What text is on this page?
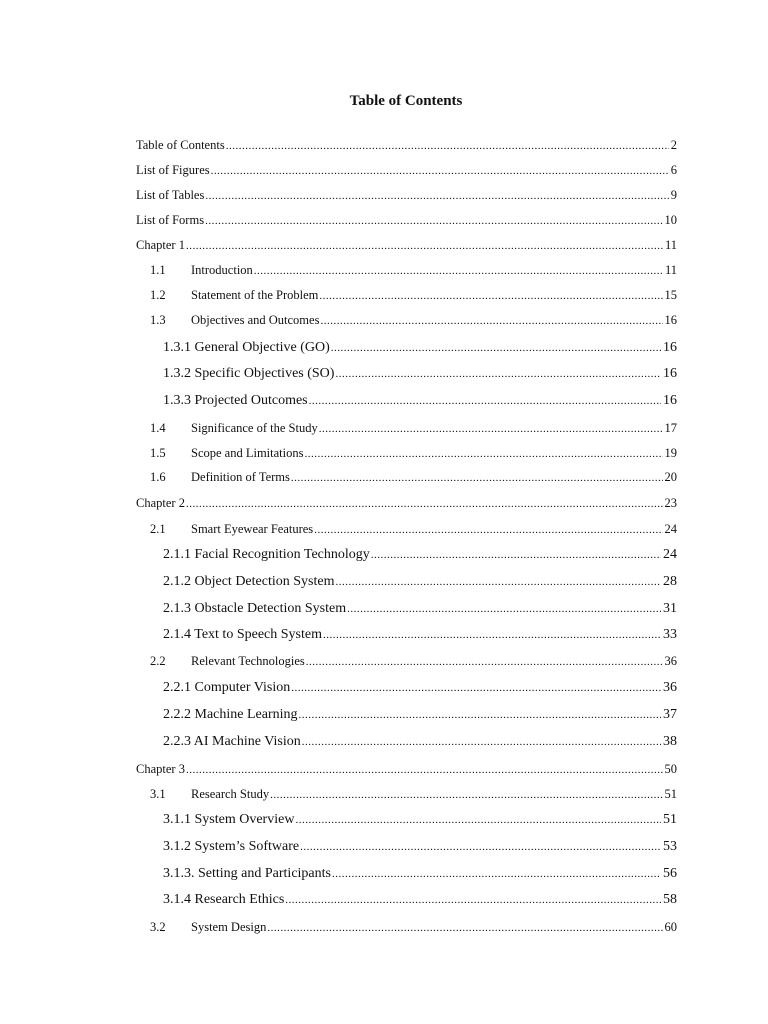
Table of Contents
Table of Contents .....	2
List of Figures .....	6
List of Tables .....	9
List of Forms .....	10
Chapter 1 .....	11
1.1	Introduction .....	11
1.2	Statement of the Problem .....	15
1.3	Objectives and Outcomes .....	16
1.3.1 General Objective (GO) .....	16
1.3.2 Specific Objectives (SO) .....	16
1.3.3 Projected Outcomes .....	16
1.4	Significance of the Study .....	17
1.5	Scope and Limitations .....	19
1.6	Definition of Terms .....	20
Chapter 2 .....	23
2.1	Smart Eyewear Features .....	24
2.1.1 Facial Recognition Technology .....	24
2.1.2 Object Detection System .....	28
2.1.3 Obstacle Detection System .....	31
2.1.4 Text to Speech System .....	33
2.2	Relevant Technologies .....	36
2.2.1 Computer Vision .....	36
2.2.2 Machine Learning .....	37
2.2.3 AI Machine Vision .....	38
Chapter 3 .....	50
3.1	Research Study .....	51
3.1.1 System Overview .....	51
3.1.2 System’s Software .....	53
3.1.3. Setting and Participants .....	56
3.1.4 Research Ethics .....	58
3.2	System Design .....	60
